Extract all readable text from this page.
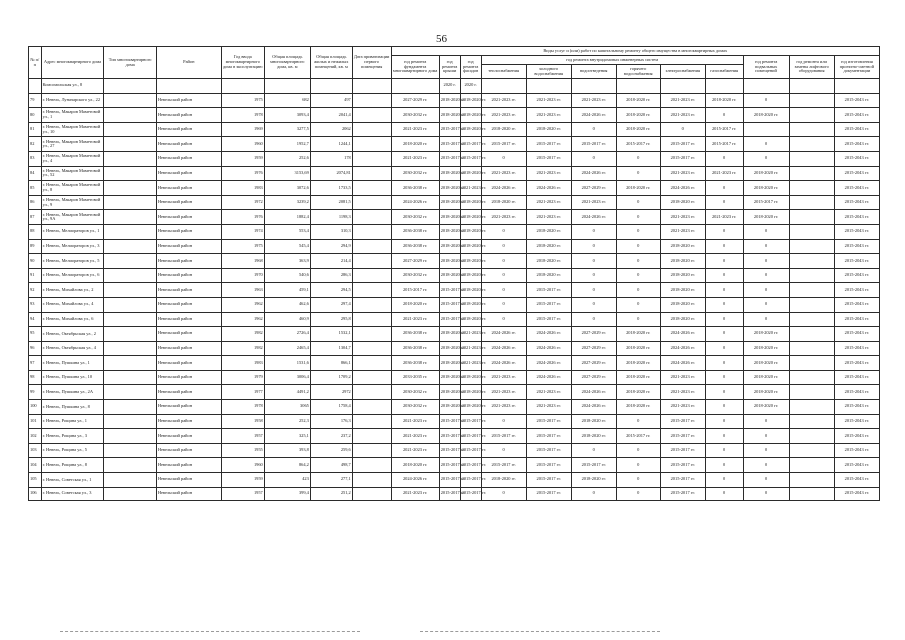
56
№ п/п	Адрес многоквартирного дома	Тип многоквартирного дома	Район	Год ввода многоквартирного дома в эксплуатацию	Общая площадь многоквартирного дома, кв. м	Общая площадь жилых и нежилых помещений, кв. м	Дата приватизации первого помещения	Виды услуг и (или) работ по капитальному ремонту общего имущества в многоквартирных домах											
								год ремонта фундамента многоквартирного дома	год ремонта крыши	год ремонта фасадов	год ремонта внутридомовых инженерных систем						год ремонта подвальных помещений	год ремонта или замены лифтового оборудования	год изготовления проектно-сметной документации
											теплоснабжения	холодного водоснабжения	водоотведения	горячего водоснабжения	электроснабжения	газоснабжения			
	Комсомольская ул., 8								2020 г.	2020 г.									
79	г. Невель, Луначарского ул., 22		Невельский район	1975	682	497		2027-2029 гг.	2018-2020 гг.	2018-2020 гг.	2021-2023 гг.	2021-2023 гг.	2021-2023 гг.	2018-2020 гг.	2021-2023 гг.	2018-2020 гг.	0		2015-2043 гг.
80	г. Невель, Макаров Маметовой ул., 1		Невельский район	1978	3093,4	2041,4		2030-2032 гг.	2018-2020 гг.	2018-2020 гг.	2021-2023 гг.	2021-2023 гг.	2024-2026 гг.	2018-2020 гг.	2021-2023 гг.	0	2018-2020 гг.		2015-2043 гг.
81	г. Невель, Макаров Маметовой ул., 10		Невельский район	1969	3277,5	2062		2021-2023 гг.	2015-2017 гг.	2018-2020 гг.	2018-2020 гг.	2018-2020 гг.	0	2018-2020 гг.	0	2015-2017 гг.			2015-2043 гг.
82	г. Невель, Макаров Маметовой ул., 27		Невельский район	1960	1952,7	1244,1		2018-2020 гг.	2015-2017 гг.	2015-2017 гг.	2015-2017 гг.	2015-2017 гг.	2015-2017 гг.	2015-2017 гг.	2015-2017 гг.	2015-2017 гг.	0		2015-2043 гг.
83	г. Невель, Макаров Маметовой ул., 4		Невельский район	1959	252,6	178		2021-2023 гг.	2015-2017 гг.	2015-2017 гг.	0	2015-2017 гг.	0	0	2015-2017 гг.	0	0		2015-2043 гг.
84	г. Невель, Макаров Маметовой ул., 52		Невельский район	1976	3153,69	2074,81		2030-2032 гг.	2018-2020 гг.	2018-2020 гг.	2021-2023 гг.	2021-2023 гг.	2024-2026 гг.	0	2021-2023 гг.	2021-2023 гг.	2018-2020 гг.		2015-2043 гг.
85	г. Невель, Макаров Маметовой ул., 8		Невельский район	1983	3072,6	1733,5		2036-2038 гг.	2018-2020 гг.	2021-2023 гг.	2024-2026 гг.	2024-2026 гг.	2027-2029 гг.	2018-2020 гг.	2024-2026 гг.	0	2018-2020 гг.		2015-2043 гг.
86	г. Невель, Макаров Маметовой ул., 9		Невельский район	1972	3239,2	2081,5		2024-2026 гг.	2018-2020 гг.	2018-2020 гг.	2018-2020 гг.	2021-2023 гг.	2021-2023 гг.	0	2018-2020 гг.	0	2015-2017 гг.		2015-2043 гг.
87	г. Невель, Макаров Маметовой ул., 9А		Невельский район	1976	1882,4	1198,3		2030-2032 гг.	2018-2020 гг.	2018-2020 гг.	2021-2023 гг.	2021-2023 гг.	2024-2026 гг.	0	2021-2023 гг.	2021-2023 гг.	2018-2020 гг.		2015-2043 гг.
88	г. Невель, Мелиораторов ул., 1		Невельский район	1974	553,4	310,3		2036-2038 гг.	2018-2020 гг.	2018-2020 гг.	0	2018-2020 гг.	0	0	2021-2023 гг.	0	0		2015-2043 гг.
89	г. Невель, Мелиораторов ул., 3		Невельский район	1975	545,4	294,9		2036-2038 гг.	2018-2020 гг.	2018-2020 гг.	0	2018-2020 гг.	0	0	2018-2020 гг.	0	0		2015-2043 гг.
90	г. Невель, Мелиораторов ул., 5		Невельский район	1968	363,9	214,4		2027-2029 гг.	2018-2020 гг.	2018-2020 гг.	0	2018-2020 гг.	0	0	2018-2020 гг.	0	0		2015-2043 гг.
91	г. Невель, Мелиораторов ул., 6		Невельский район	1970	540,6	286,3		2030-2032 гг.	2018-2020 гг.	2018-2020 гг.	0	2018-2020 гг.	0	0	2018-2020 гг.	0	0		2015-2043 гг.
92	г. Невель, Михайлова ул., 2		Невельский район	1963	459,1	294,5		2015-2017 гг.	2015-2017 гг.	2018-2020 гг.	0	2015-2017 гг.	0	0	2018-2020 гг.	0	0		2015-2043 гг.
93	г. Невель, Михайлова ул., 4		Невельский район	1962	462,6	297,4		2018-2020 гг.	2015-2017 гг.	2018-2020 гг.	0	2015-2017 гг.	0	0	2018-2020 гг.	0	0		2015-2043 гг.
94	г. Невель, Михайлова ул., 6		Невельский район	1962	460,9	295,8		2021-2023 гг.	2015-2017 гг.	2018-2020 гг.	0	2015-2017 гг.	0	0	2018-2020 гг.	0	0		2015-2043 гг.
95	г. Невель, Октябрьская ул., 2		Невельский район	1982	2726,4	1532,1		2036-2038 гг.	2018-2020 гг.	2021-2023 гг.	2024-2026 гг.	2024-2026 гг.	2027-2029 гг.	2018-2020 гг.	2024-2026 гг.	0	2018-2020 гг.		2015-2043 гг.
96	г. Невель, Октябрьская ул., 4		Невельский район	1982	2465,4	1304,7		2036-2038 гг.	2018-2020 гг.	2021-2023 гг.	2024-2026 гг.	2024-2026 гг.	2027-2029 гг.	2018-2020 гг.	2024-2026 гг.	0	2018-2020 гг.		2015-2043 гг.
97	г. Невель, Пушкина ул., 1		Невельский район	1983	1531,6	866,1		2036-2038 гг.	2018-2020 гг.	2021-2023 гг.	2024-2026 гг.	2024-2026 гг.	2027-2029 гг.	2018-2020 гг.	2024-2026 гг.	0	2018-2020 гг.		2015-2043 гг.
98	г. Невель, Пушкина ул., 10		Невельский район	1979	3006,4	1709,2		2033-2035 гг.	2018-2020 гг.	2018-2020 гг.	2021-2023 гг.	2024-2026 гг.	2027-2029 гг.	2018-2020 гг.	2021-2023 гг.	0	2018-2020 гг.		2015-2043 гг.
99	г. Невель, Пушкина ул., 2А		Невельский район	1977	4491,2	2972		2030-2032 гг.	2018-2020 гг.	2018-2020 гг.	2021-2023 гг.	2021-2023 гг.	2024-2026 гг.	2018-2020 гг.	2021-2023 гг.	0	2018-2020 гг.		2015-2043 гг.
100	г. Невель, Пушкина ул., 8		Невельский район	1978	3065	1758,4		2030-2032 гг.	2018-2020 гг.	2018-2020 гг.	2021-2023 гг.	2021-2023 гг.	2024-2026 гг.	2018-2020 гг.	2021-2023 гг.	0	2018-2020 гг.		2015-2043 гг.
101	г. Невель, Рощина ул., 1		Невельский район	1958	252,3	176,3		2021-2023 гг.	2015-2017 гг.	2015-2017 гг.	0	2015-2017 гг.	2018-2020 гг.	0	2015-2017 гг.	0	0		2015-2043 гг.
102	г. Невель, Рощина ул., 3		Невельский район	1957	325,1	237,2		2021-2023 гг.	2015-2017 гг.	2015-2017 гг.	2015-2017 гг.	2015-2017 гг.	2018-2020 гг.	2015-2017 гг.	2015-2017 гг.	0	0		2015-2043 гг.
103	г. Невель, Рощина ул., 5		Невельский район	1955	393,8	259,6		2021-2023 гг.	2015-2017 гг.	2015-2017 гг.	0	2015-2017 гг.	0	0	2015-2017 гг.	0	0		2015-2043 гг.
104	г. Невель, Рощина ул., 8		Невельский район	1960	864,2	498,7		2018-2020 гг.	2015-2017 гг.	2015-2017 гг.	2015-2017 гг.	2015-2017 гг.	2015-2017 гг.	0	2015-2017 гг.	0	0		2015-2043 гг.
105	г. Невель, Советская ул., 1		Невельский район	1959	423	277,1		2024-2026 гг.	2015-2017 гг.	2015-2017 гг.	2018-2020 гг.	2015-2017 гг.	2018-2020 гг.	0	2015-2017 гг.	0	0		2015-2043 гг.
106	г. Невель, Советская ул., 3		Невельский район	1957	399,4	251,2		2021-2023 гг.	2015-2017 гг.	2015-2017 гг.	0	2015-2017 гг.	0	0	2015-2017 гг.	0	0		2015-2043 гг.
